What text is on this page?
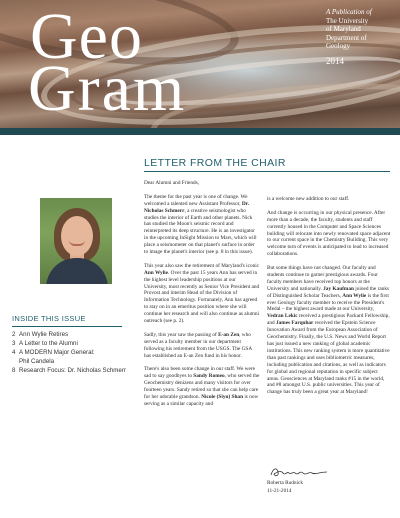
Geo
Gram
A Publication of
The University
of Maryland
Department of
Geology
2014
INSIDE THIS ISSUE
2 Ann Wylie Retires
3 A Letter to the Alumni
4 A MODERN Major General:
Phil Candela
8 Research Focus: Dr. Nicholas Schmerr
LETTER FROM THE CHAIR

Dear Alumni and Friends,

The theme for the past year is one of change. We welcomed a talented new Assistant Professor, Dr. Nicholas Schmerr, a creative seismologist who studies the interior of Earth and other planets. Nick has studied the Moon's seismic record and reinterpreted its deep structure. He is an investigator in the upcoming InSight Mission to Mars, which will place a seismometer on that planet's surface in order to image the planet's interior (see p. 8 in this issue).

This year also saw the retirement of Maryland's iconic Ann Wylie. Over the past 15 years Ann has served in the highest level leadership positions at our University, most recently as Senior Vice President and Provost and interim Head of the Division of Information Technology. Fortunately, Ann has agreed to stay on in an emeritus position where she will continue her research and will also continue as alumni outreach (see p. 2).

Sadly, this year saw the passing of E-an Zen, who served as a faculty member in our department following his retirement from the USGS. The GSA has established an E-an Zen fund in his honor.

There's also been some change in our staff. We were sad to say goodbyes to Sandy Romeo, who served the Geochemistry denizens and many visitors for over fourteen years. Sandy retired so that she can help care for her adorable grandson. Nicole (Siyu) Shan is now serving as a similar capacity and

is a welcome new addition to our staff.

And change is occurring in our physical presence. After more than a decade, the faculty, students and staff currently housed in the Computer and Space Sciences building will relocate into newly renovated space adjacent to our current space in the Chemistry Building. This very welcome turn of events is anticipated to lead to increased collaborations.

But some things have not changed. Our faculty and students continue to garner prestigious awards. Four faculty members have received top honors at the University and nationally. Jay Kaufman joined the ranks of Distinguished Scholar Teachers, Ann Wylie is the first ever Geology faculty member to receive the President's Medal – the highest award made at our University, Vedran Lekic received a prestigious Packard Fellowship, and James Farquhar received the Epstein Science Innovation Award from the European Association of Geochemistry. Finally, the U.S. News and World Report has just issued a new ranking of global academic institutions. This new ranking system is more quantitative than past rankings and uses bibliometric measures, including publication and citations, as well as indicators for global and regional reputation in specific subject areas. Geosciences at Maryland ranks #15 in the world, and #8 amongst U.S. public universities. This year of change has truly been a great year at Maryland!

Roberta Rudnick
11-21-2014
